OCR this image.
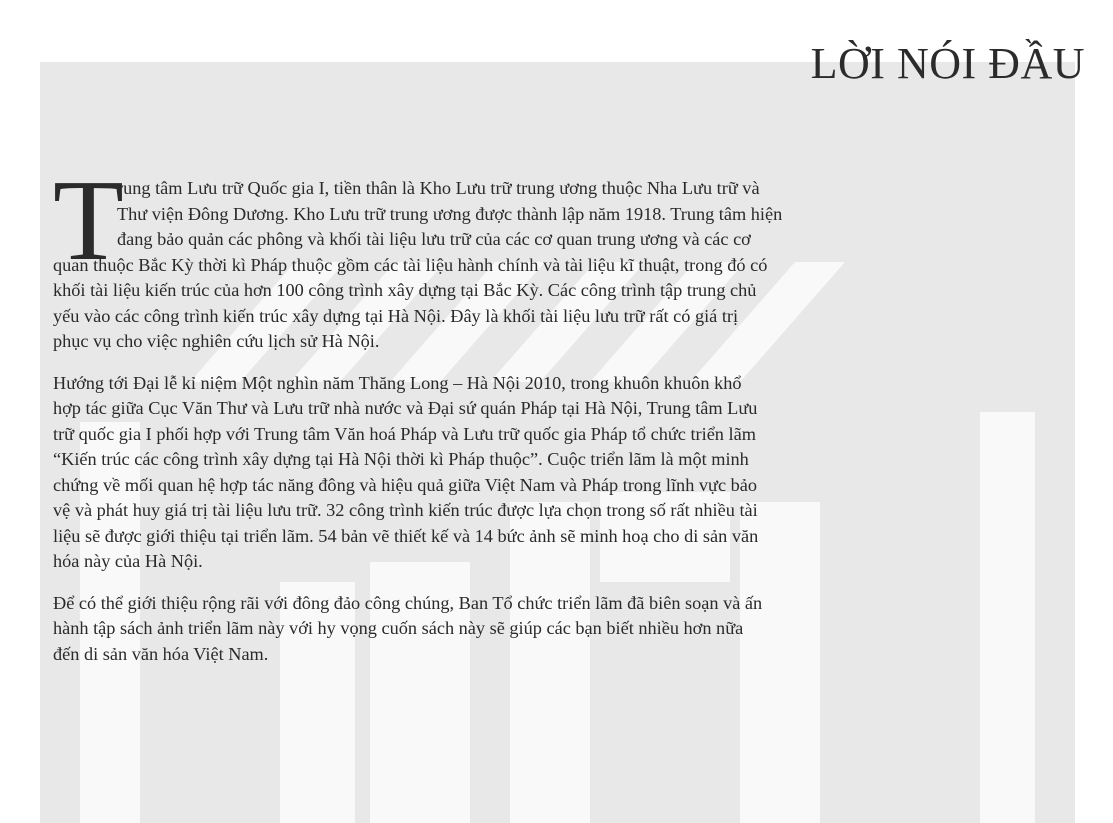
LỜI NÓI ĐẦU
T

rung tâm Lưu trữ Quốc gia I, tiền thân là Kho Lưu trữ trung ương thuộc Nha Lưu trữ và
Thư viện Đông Dương. Kho Lưu trữ trung ương được thành lập năm 1918. Trung tâm hiện
đang bảo quản các phông và khối tài liệu lưu trữ của các cơ quan trung ương và các cơ
quan thuộc Bắc Kỳ thời kì Pháp thuộc gồm các tài liệu hành chính và tài liệu kĩ thuật, trong đó có
khối tài liệu kiến trúc của hơn 100 công trình xây dựng tại Bắc Kỳ. Các công trình tập trung chủ
yếu vào các công trình kiến trúc xây dựng tại Hà Nội. Đây là khối tài liệu lưu trữ rất có giá trị
phục vụ cho việc nghiên cứu lịch sử Hà Nội.

Hướng tới Đại lễ kỉ niệm Một nghìn năm Thăng Long – Hà Nội 2010, trong khuôn khuôn khổ
hợp tác giữa Cục Văn Thư và Lưu trữ nhà nước và Đại sứ quán Pháp tại Hà Nội, Trung tâm Lưu
trữ quốc gia I phối hợp với Trung tâm Văn hoá Pháp và Lưu trữ quốc gia Pháp tổ chức triển lãm
“Kiến trúc các công trình xây dựng tại Hà Nội thời kì Pháp thuộc”. Cuộc triển lãm là một minh
chứng về mối quan hệ hợp tác năng đông và hiệu quả giữa Việt Nam và Pháp trong lĩnh vực bảo
vệ và phát huy giá trị tài liệu lưu trữ. 32 công trình kiến trúc được lựa chọn trong số rất nhiều tài
liệu sẽ được giới thiệu tại triển lãm. 54 bản vẽ thiết kế và 14 bức ảnh sẽ minh hoạ cho di sản văn
hóa này của Hà Nội.

Để có thể giới thiệu rộng rãi với đông đảo công chúng, Ban Tổ chức triển lãm đã biên soạn và ấn
hành tập sách ảnh triển lãm này với hy vọng cuốn sách này sẽ giúp các bạn biết nhiều hơn nữa
đến di sản văn hóa Việt Nam.
